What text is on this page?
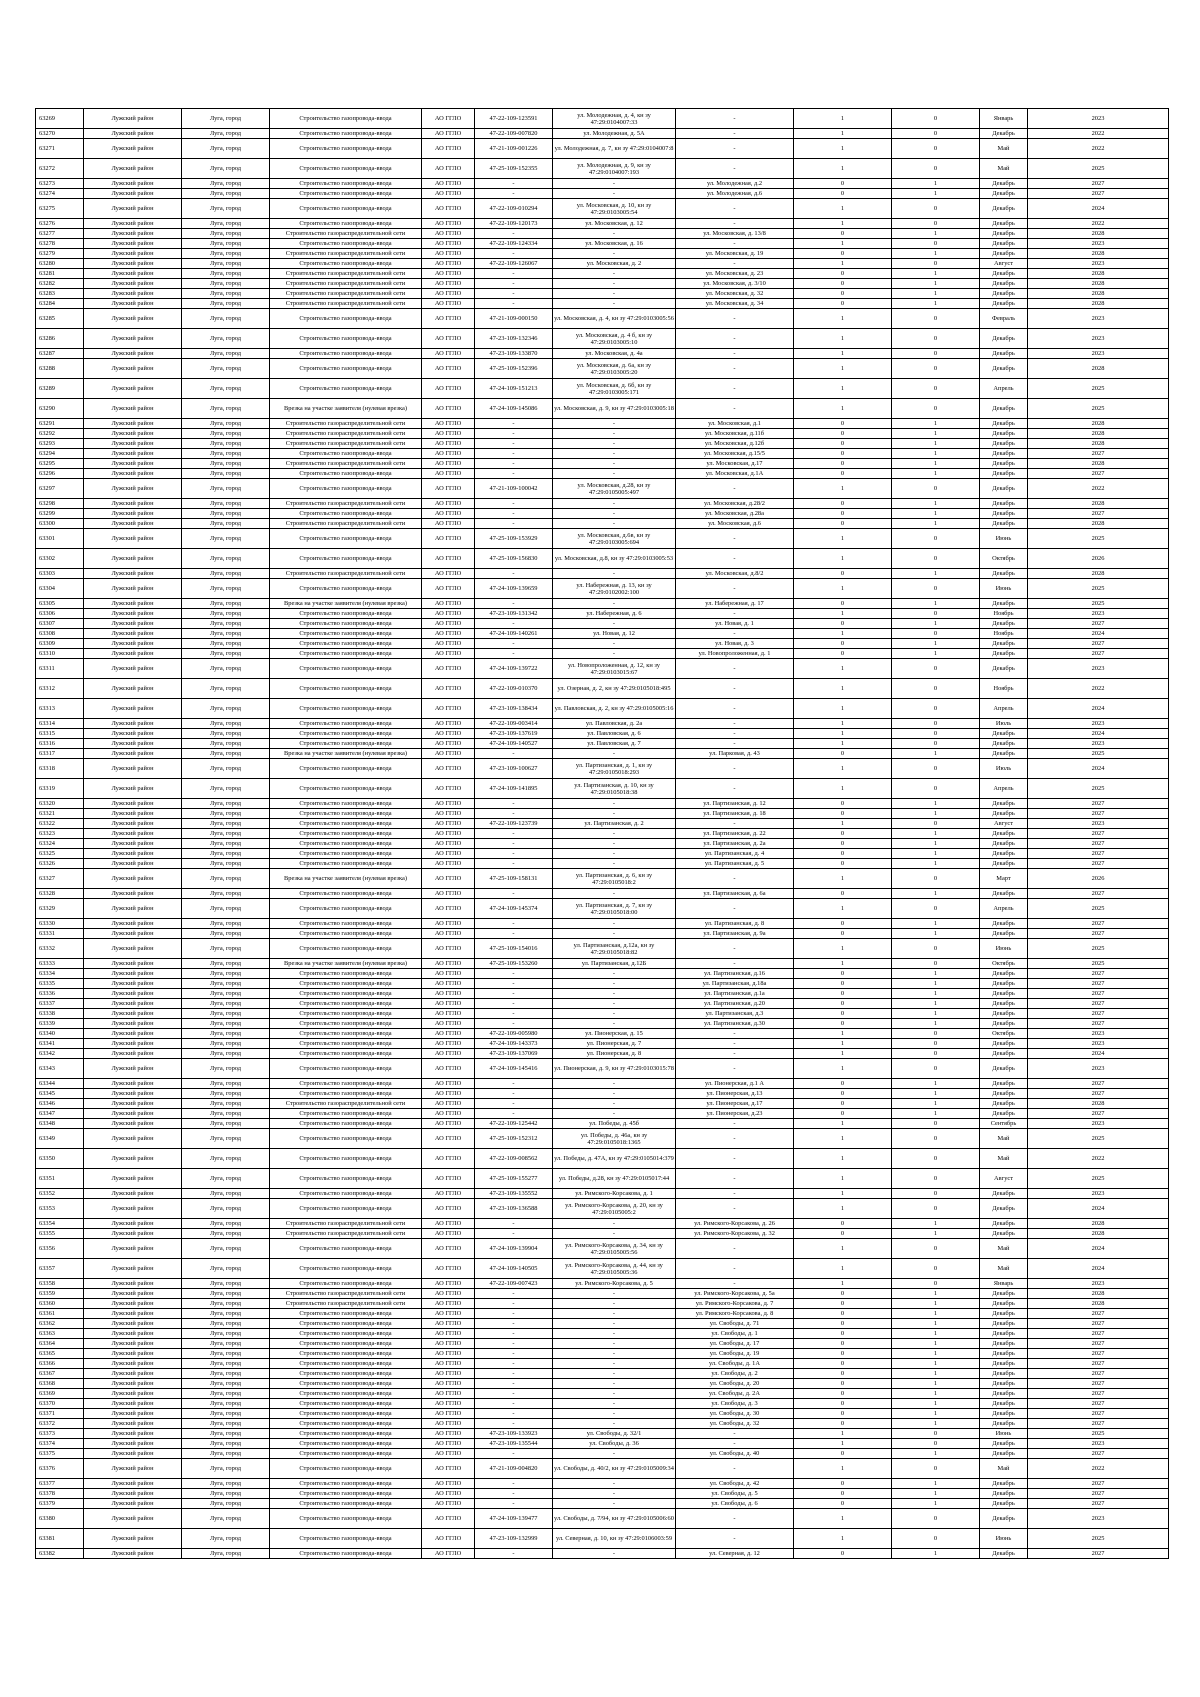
63269	Лужский район	Луга, город	Строительство газопровода-ввода	АО ГГЛО	47-22-109-123591	ул. Молодежная, д. 4, кн зу 47:29:0104007:33	-	1	0	Январь	2023
63270	Лужский район	Луга, город	Строительство газопровода-ввода	АО ГГЛО	47-22-109-007820	ул. Молодежная, д. 5А	-	1	0	Декабрь	2022
63271	Лужский район	Луга, город	Строительство газопровода-ввода	АО ГГЛО	47-21-109-001226	ул. Молодежная, д. 7, кн зу 47:29:0104007:8	-	1	0	Май	2022
63272	Лужский район	Луга, город	Строительство газопровода-ввода	АО ГГЛО	47-25-109-152355	ул. Молодежная, д. 9, кн зу 47:29:0104007:193	-	1	0	Май	2025
63273	Лужский район	Луга, город	Строительство газопровода-ввода	АО ГГЛО	-	-	ул. Молодежная, д.2	0	1	Декабрь	2027
63274	Лужский район	Луга, город	Строительство газопровода-ввода	АО ГГЛО	-	-	ул. Молодежная, д.6	0	1	Декабрь	2027
63275	Лужский район	Луга, город	Строительство газопровода-ввода	АО ГГЛО	47-22-109-010294	ул. Московская, д. 10, кн зу 47:29:0103005:54	-	1	0	Декабрь	2024
63276	Лужский район	Луга, город	Строительство газопровода-ввода	АО ГГЛО	47-22-109-120173	ул. Московская, д. 12	-	1	0	Декабрь	2022
63277	Лужский район	Луга, город	Строительство газораспределительной сети	АО ГГЛО	-	-	ул. Московская, д. 13/8	0	1	Декабрь	2028
63278	Лужский район	Луга, город	Строительство газопровода-ввода	АО ГГЛО	47-22-109-124334	ул. Московская, д. 16	-	1	0	Декабрь	2023
63279	Лужский район	Луга, город	Строительство газораспределительной сети	АО ГГЛО	-	-	ул. Московская, д. 19	0	1	Декабрь	2028
63280	Лужский район	Луга, город	Строительство газопровода-ввода	АО ГГЛО	47-22-109-126067	ул. Московская, д. 2	-	1	0	Август	2023
63281	Лужский район	Луга, город	Строительство газораспределительной сети	АО ГГЛО	-	-	ул. Московская, д. 23	0	1	Декабрь	2028
63282	Лужский район	Луга, город	Строительство газораспределительной сети	АО ГГЛО	-	-	ул. Московская, д. 3/10	0	1	Декабрь	2028
63283	Лужский район	Луга, город	Строительство газораспределительной сети	АО ГГЛО	-	-	ул. Московская, д. 32	0	1	Декабрь	2028
63284	Лужский район	Луга, город	Строительство газораспределительной сети	АО ГГЛО	-	-	ул. Московская, д. 34	0	1	Декабрь	2028
63285	Лужский район	Луга, город	Строительство газопровода-ввода	АО ГГЛО	47-21-109-000150	ул. Московская, д. 4, кн зу 47:29:0103005:56	-	1	0	Февраль	2023
63286	Лужский район	Луга, город	Строительство газопровода-ввода	АО ГГЛО	47-23-109-132346	ул. Московская, д. 4 б, кн зу 47:29:0103005:10	-	1	0	Декабрь	2023
63287	Лужский район	Луга, город	Строительство газопровода-ввода	АО ГГЛО	47-23-109-133870	ул. Московская, д. 4а	-	1	0	Декабрь	2023
63288	Лужский район	Луга, город	Строительство газопровода-ввода	АО ГГЛО	47-25-109-152396	ул. Московская, д. 6а, кн зу 47:29:0103005:20	-	1	0	Декабрь	2028
63289	Лужский район	Луга, город	Строительство газопровода-ввода	АО ГГЛО	47-24-109-151213	ул. Московская, д. 6б, кн зу 47:29:0103005:171	-	1	0	Апрель	2025
63290	Лужский район	Луга, город	Врезка на участке заявителя (нулевая врезка)	АО ГГЛО	47-24-109-145086	ул. Московская, д. 9, кн зу 47:29:0103005:18	-	1	0	Декабрь	2025
63291	Лужский район	Луга, город	Строительство газораспределительной сети	АО ГГЛО	-	-	ул. Московская, д.1	0	1	Декабрь	2028
63292	Лужский район	Луга, город	Строительство газораспределительной сети	АО ГГЛО	-	-	ул. Московская, д.11б	0	1	Декабрь	2028
63293	Лужский район	Луга, город	Строительство газораспределительной сети	АО ГГЛО	-	-	ул. Московская, д.12б	0	1	Декабрь	2028
63294	Лужский район	Луга, город	Строительство газопровода-ввода	АО ГГЛО	-	-	ул. Московская, д.15/5	0	1	Декабрь	2027
63295	Лужский район	Луга, город	Строительство газораспределительной сети	АО ГГЛО	-	-	ул. Московская, д.17	0	1	Декабрь	2028
63296	Лужский район	Луга, город	Строительство газопровода-ввода	АО ГГЛО	-	-	ул. Московская, д.1А	0	1	Декабрь	2027
63297	Лужский район	Луга, город	Строительство газопровода-ввода	АО ГГЛО	47-21-109-100042	ул. Московская, д.28, кн зу 47:29:0105005:497	-	1	0	Декабрь	2022
63298	Лужский район	Луга, город	Строительство газораспределительной сети	АО ГГЛО	-	-	ул. Московская, д.28/2	0	1	Декабрь	2028
63299	Лужский район	Луга, город	Строительство газопровода-ввода	АО ГГЛО	-	-	ул. Московская, д.28а	0	1	Декабрь	2027
63300	Лужский район	Луга, город	Строительство газораспределительной сети	АО ГГЛО	-	-	ул. Московская, д.6	0	1	Декабрь	2028
63301	Лужский район	Луга, город	Строительство газопровода-ввода	АО ГГЛО	47-25-109-153929	ул. Московская, д.6в, кн зу 47:29:0103005:694	-	1	0	Июнь	2025
63302	Лужский район	Луга, город	Строительство газопровода-ввода	АО ГГЛО	47-25-109-156830	ул. Московская, д.8, кн зу 47:29:0103005:53	-	1	0	Октябрь	2026
63303	Лужский район	Луга, город	Строительство газораспределительной сети	АО ГГЛО	-	-	ул. Московская, д.8/2	0	1	Декабрь	2028
63304	Лужский район	Луга, город	Строительство газопровода-ввода	АО ГГЛО	47-24-109-139659	ул. Набережная, д. 13, кн зу 47:29:0102002:100	-	1	0	Июнь	2025
63305	Лужский район	Луга, город	Врезка на участке заявителя (нулевая врезка)	АО ГГЛО	-	-	ул. Набережная, д. 17	0	1	Декабрь	2025
63306	Лужский район	Луга, город	Строительство газопровода-ввода	АО ГГЛО	47-23-109-131342	ул. Набережная, д. 6	-	1	0	Ноябрь	2023
63307	Лужский район	Луга, город	Строительство газопровода-ввода	АО ГГЛО	-	-	ул. Новая, д. 1	0	1	Декабрь	2027
63308	Лужский район	Луга, город	Строительство газопровода-ввода	АО ГГЛО	47-24-109-140261	ул. Новая, д. 12	-	1	0	Ноябрь	2024
63309	Лужский район	Луга, город	Строительство газопровода-ввода	АО ГГЛО	-	-	ул. Новая, д. 3	0	1	Декабрь	2027
63310	Лужский район	Луга, город	Строительство газопровода-ввода	АО ГГЛО	-	-	ул. Новопроложенная, д. 1	0	1	Декабрь	2027
63311	Лужский район	Луга, город	Строительство газопровода-ввода	АО ГГЛО	47-24-109-139722	ул. Новопроложенная, д. 12, кн зу 47:29:0103015:67	-	1	0	Декабрь	2023
63312	Лужский район	Луга, город	Строительство газопровода-ввода	АО ГГЛО	47-22-109-010370	ул. Озерная, д. 2, кн зу 47:29:0105018:495	-	1	0	Ноябрь	2022
63313	Лужский район	Луга, город	Строительство газопровода-ввода	АО ГГЛО	47-23-109-138434	ул. Павловская, д. 2, кн зу 47:29:0105005:16	-	1	0	Апрель	2024
63314	Лужский район	Луга, город	Строительство газопровода-ввода	АО ГГЛО	47-22-109-003414	ул. Павловская, д. 2а	-	1	0	Июль	2023
63315	Лужский район	Луга, город	Строительство газопровода-ввода	АО ГГЛО	47-23-109-137619	ул. Павловская, д. 6	-	1	0	Декабрь	2024
63316	Лужский район	Луга, город	Строительство газопровода-ввода	АО ГГЛО	47-24-109-140527	ул. Павловская, д. 7	-	1	0	Декабрь	2023
63317	Лужский район	Луга, город	Врезка на участке заявителя (нулевая врезка)	АО ГГЛО	-	-	ул. Парковая, д. 43	0	1	Декабрь	2025
63318	Лужский район	Луга, город	Строительство газопровода-ввода	АО ГГЛО	47-23-109-100627	ул. Партизанская, д. 1, кн зу 47:29:0105018:293	-	1	0	Июль	2024
63319	Лужский район	Луга, город	Строительство газопровода-ввода	АО ГГЛО	47-24-109-141895	ул. Партизанская, д. 10, кн зу 47:29:0105018:38	-	1	0	Апрель	2025
63320	Лужский район	Луга, город	Строительство газопровода-ввода	АО ГГЛО	-	-	ул. Партизанская, д. 12	0	1	Декабрь	2027
63321	Лужский район	Луга, город	Строительство газопровода-ввода	АО ГГЛО	-	-	ул. Партизанская, д. 18	0	1	Декабрь	2027
63322	Лужский район	Луга, город	Строительство газопровода-ввода	АО ГГЛО	47-22-109-123739	ул. Партизанская, д. 2	-	1	0	Август	2023
63323	Лужский район	Луга, город	Строительство газопровода-ввода	АО ГГЛО	-	-	ул. Партизанская, д. 22	0	1	Декабрь	2027
63324	Лужский район	Луга, город	Строительство газопровода-ввода	АО ГГЛО	-	-	ул. Партизанская, д. 2а	0	1	Декабрь	2027
63325	Лужский район	Луга, город	Строительство газопровода-ввода	АО ГГЛО	-	-	ул. Партизанская, д. 4	0	1	Декабрь	2027
63326	Лужский район	Луга, город	Строительство газопровода-ввода	АО ГГЛО	-	-	ул. Партизанская, д. 5	0	1	Декабрь	2027
63327	Лужский район	Луга, город	Врезка на участке заявителя (нулевая врезка)	АО ГГЛО	47-25-109-158131	ул. Партизанская, д. 6, кн зу 47:29:0105018:2	-	1	0	Март	2026
63328	Лужский район	Луга, город	Строительство газопровода-ввода	АО ГГЛО	-	-	ул. Партизанская, д. 6а	0	1	Декабрь	2027
63329	Лужский район	Луга, город	Строительство газопровода-ввода	АО ГГЛО	47-24-109-145374	ул. Партизанская, д. 7, кн зу 47:29:0105018:00	-	1	0	Апрель	2025
63330	Лужский район	Луга, город	Строительство газопровода-ввода	АО ГГЛО	-	-	ул. Партизанская, д. 8	0	1	Декабрь	2027
63331	Лужский район	Луга, город	Строительство газопровода-ввода	АО ГГЛО	-	-	ул. Партизанская, д. 9а	0	1	Декабрь	2027
63332	Лужский район	Луга, город	Строительство газопровода-ввода	АО ГГЛО	47-25-109-154016	ул. Партизанская, д.12а, кн зу 47:29:0105018:82	-	1	0	Июнь	2025
63333	Лужский район	Луга, город	Врезка на участке заявителя (нулевая врезка)	АО ГГЛО	47-25-109-153260	ул. Партизанская, д.12Б	-	1	0	Октябрь	2025
63334	Лужский район	Луга, город	Строительство газопровода-ввода	АО ГГЛО	-	-	ул. Партизанская, д.16	0	1	Декабрь	2027
63335	Лужский район	Луга, город	Строительство газопровода-ввода	АО ГГЛО	-	-	ул. Партизанская, д.18а	0	1	Декабрь	2027
63336	Лужский район	Луга, город	Строительство газопровода-ввода	АО ГГЛО	-	-	ул. Партизанская, д.1а	0	1	Декабрь	2027
63337	Лужский район	Луга, город	Строительство газопровода-ввода	АО ГГЛО	-	-	ул. Партизанская, д.20	0	1	Декабрь	2027
63338	Лужский район	Луга, город	Строительство газопровода-ввода	АО ГГЛО	-	-	ул. Партизанская, д.3	0	1	Декабрь	2027
63339	Лужский район	Луга, город	Строительство газопровода-ввода	АО ГГЛО	-	-	ул. Партизанская, д.30	0	1	Декабрь	2027
63340	Лужский район	Луга, город	Строительство газопровода-ввода	АО ГГЛО	47-22-109-005980	ул. Пионерская, д. 15	-	1	0	Октябрь	2023
63341	Лужский район	Луга, город	Строительство газопровода-ввода	АО ГГЛО	47-24-109-143373	ул. Пионерская, д. 7	-	1	0	Декабрь	2023
63342	Лужский район	Луга, город	Строительство газопровода-ввода	АО ГГЛО	47-23-109-137069	ул. Пионерская, д. 8	-	1	0	Декабрь	2024
63343	Лужский район	Луга, город	Строительство газопровода-ввода	АО ГГЛО	47-24-109-145416	ул. Пионерская, д. 9, кн зу 47:29:0103015:78	-	1	0	Декабрь	2023
63344	Лужский район	Луга, город	Строительство газопровода-ввода	АО ГГЛО	-	-	ул. Пионерская, д.1 А	0	1	Декабрь	2027
63345	Лужский район	Луга, город	Строительство газопровода-ввода	АО ГГЛО	-	-	ул. Пионерская, д.13	0	1	Декабрь	2027
63346	Лужский район	Луга, город	Строительство газораспределительной сети	АО ГГЛО	-	-	ул. Пионерская, д.17	0	1	Декабрь	2028
63347	Лужский район	Луга, город	Строительство газопровода-ввода	АО ГГЛО	-	-	ул. Пионерская, д.23	0	1	Декабрь	2027
63348	Лужский район	Луга, город	Строительство газопровода-ввода	АО ГГЛО	47-22-109-125442	ул. Победы, д. 45б	-	1	0	Сентябрь	2023
63349	Лужский район	Луга, город	Строительство газопровода-ввода	АО ГГЛО	47-25-109-152312	ул. Победы, д. 46а, кн зу 47:29:0105018:1365	-	1	0	Май	2025
63350	Лужский район	Луга, город	Строительство газопровода-ввода	АО ГГЛО	47-22-109-008562	ул. Победы, д. 47А, кн зу 47:29:0105014:379	-	1	0	Май	2022
63351	Лужский район	Луга, город	Строительство газопровода-ввода	АО ГГЛО	47-25-109-155277	ул. Победы, д.28, кн зу 47:29:0105017:44	-	1	0	Август	2025
63352	Лужский район	Луга, город	Строительство газопровода-ввода	АО ГГЛО	47-23-109-135552	ул. Римского-Корсакова, д. 1	-	1	0	Декабрь	2023
63353	Лужский район	Луга, город	Строительство газопровода-ввода	АО ГГЛО	47-23-109-136588	ул. Римского-Корсакова, д. 20, кн зу 47:29:0105005:2	-	1	0	Декабрь	2024
63354	Лужский район	Луга, город	Строительство газораспределительной сети	АО ГГЛО	-	-	ул. Римского-Корсакова, д. 26	0	1	Декабрь	2028
63355	Лужский район	Луга, город	Строительство газораспределительной сети	АО ГГЛО	-	-	ул. Римского-Корсакова, д. 32	0	1	Декабрь	2028
63356	Лужский район	Луга, город	Строительство газопровода-ввода	АО ГГЛО	47-24-109-139904	ул. Римского-Корсакова, д. 34, кн зу 47:29:0105005:56	-	1	0	Май	2024
63357	Лужский район	Луга, город	Строительство газопровода-ввода	АО ГГЛО	47-24-109-140505	ул. Римского-Корсакова, д. 44, кн зу 47:29:0105005:36	-	1	0	Май	2024
63358	Лужский район	Луга, город	Строительство газопровода-ввода	АО ГГЛО	47-22-109-007423	ул. Римского-Корсакова, д. 5	-	1	0	Январь	2023
63359	Лужский район	Луга, город	Строительство газораспределительной сети	АО ГГЛО	-	-	ул. Римского-Корсакова, д. 5а	0	1	Декабрь	2028
63360	Лужский район	Луга, город	Строительство газораспределительной сети	АО ГГЛО	-	-	ул. Римского-Корсакова, д. 7	0	1	Декабрь	2028
63361	Лужский район	Луга, город	Строительство газопровода-ввода	АО ГГЛО	-	-	ул. Римского-Корсакова, д. 8	0	1	Декабрь	2027
63362	Лужский район	Луга, город	Строительство газопровода-ввода	АО ГГЛО	-	-	ул. Свободы, д. 71	0	1	Декабрь	2027
63363	Лужский район	Луга, город	Строительство газопровода-ввода	АО ГГЛО	-	-	ул. Свободы, д. 1	0	1	Декабрь	2027
63364	Лужский район	Луга, город	Строительство газопровода-ввода	АО ГГЛО	-	-	ул. Свободы, д. 17	0	1	Декабрь	2027
63365	Лужский район	Луга, город	Строительство газопровода-ввода	АО ГГЛО	-	-	ул. Свободы, д. 19	0	1	Декабрь	2027
63366	Лужский район	Луга, город	Строительство газопровода-ввода	АО ГГЛО	-	-	ул. Свободы, д. 1А	0	1	Декабрь	2027
63367	Лужский район	Луга, город	Строительство газопровода-ввода	АО ГГЛО	-	-	ул. Свободы, д. 2	0	1	Декабрь	2027
63368	Лужский район	Луга, город	Строительство газопровода-ввода	АО ГГЛО	-	-	ул. Свободы, д. 20	0	1	Декабрь	2027
63369	Лужский район	Луга, город	Строительство газопровода-ввода	АО ГГЛО	-	-	ул. Свободы, д. 2А	0	1	Декабрь	2027
63370	Лужский район	Луга, город	Строительство газопровода-ввода	АО ГГЛО	-	-	ул. Свободы, д. 3	0	1	Декабрь	2027
63371	Лужский район	Луга, город	Строительство газопровода-ввода	АО ГГЛО	-	-	ул. Свободы, д. 30	0	1	Декабрь	2027
63372	Лужский район	Луга, город	Строительство газопровода-ввода	АО ГГЛО	-	-	ул. Свободы, д. 32	0	1	Декабрь	2027
63373	Лужский район	Луга, город	Строительство газопровода-ввода	АО ГГЛО	47-23-109-133923	ул. Свободы, д. 32/1	-	1	0	Июнь	2025
63374	Лужский район	Луга, город	Строительство газопровода-ввода	АО ГГЛО	47-23-109-135544	ул. Свободы, д. 36	-	1	0	Декабрь	2023
63375	Лужский район	Луга, город	Строительство газопровода-ввода	АО ГГЛО	-	-	ул. Свободы, д. 40	0	1	Декабрь	2027
63376	Лужский район	Луга, город	Строительство газопровода-ввода	АО ГГЛО	47-21-109-004820	ул. Свободы, д. 40/2, кн зу 47:29:0105009:34	-	1	0	Май	2022
63377	Лужский район	Луга, город	Строительство газопровода-ввода	АО ГГЛО	-	-	ул. Свободы, д. 42	0	1	Декабрь	2027
63378	Лужский район	Луга, город	Строительство газопровода-ввода	АО ГГЛО	-	-	ул. Свободы, д. 5	0	1	Декабрь	2027
63379	Лужский район	Луга, город	Строительство газопровода-ввода	АО ГГЛО	-	-	ул. Свободы, д. 6	0	1	Декабрь	2027
63380	Лужский район	Луга, город	Строительство газопровода-ввода	АО ГГЛО	47-24-109-139477	ул. Свободы, д. 7/94, кн зу 47:29:0105006:60	-	1	0	Декабрь	2023
63381	Лужский район	Луга, город	Строительство газопровода-ввода	АО ГГЛО	47-23-109-132999	ул. Северная, д. 10, кн зу 47:29:0106003:59	-	1	0	Июнь	2025
63382	Лужский район	Луга, город	Строительство газопровода-ввода	АО ГГЛО	-	-	ул. Северная, д. 12	0	1	Декабрь	2027
